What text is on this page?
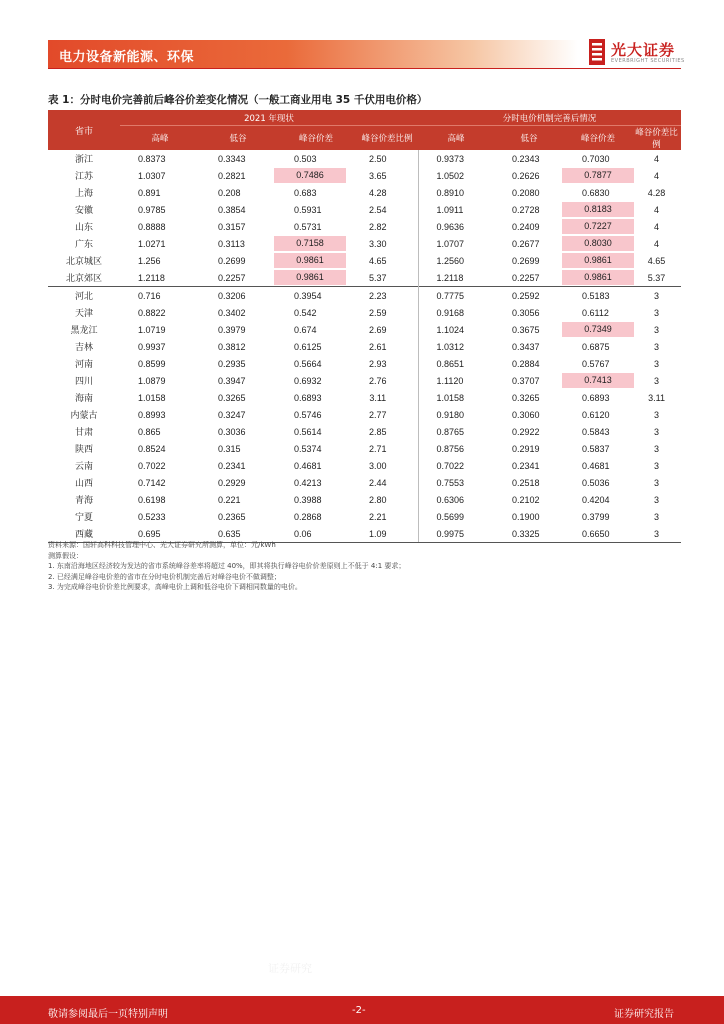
电力设备新能源、环保	光大证券
EVERBRIGHT SECURITIES
表 1：分时电价完善前后峰谷价差变化情况（一般工商业用电 35 千伏用电价格）
省市	2021 年现状				分时电价机制完善后情况			
	高峰	低谷	峰谷价差	峰谷价差比例	高峰	低谷	峰谷价差	峰谷价差比例
浙江	0.8373	0.3343	0.503	2.50	0.9373	0.2343	0.7030	4
江苏	1.0307	0.2821	0.7486	3.65	1.0502	0.2626	0.7877	4
上海	0.891	0.208	0.683	4.28	0.8910	0.2080	0.6830	4.28
安徽	0.9785	0.3854	0.5931	2.54	1.0911	0.2728	0.8183	4
山东	0.8888	0.3157	0.5731	2.82	0.9636	0.2409	0.7227	4
广东	1.0271	0.3113	0.7158	3.30	1.0707	0.2677	0.8030	4
北京城区	1.256	0.2699	0.9861	4.65	1.2560	0.2699	0.9861	4.65
北京郊区	1.2118	0.2257	0.9861	5.37	1.2118	0.2257	0.9861	5.37
河北	0.716	0.3206	0.3954	2.23	0.7775	0.2592	0.5183	3
天津	0.8822	0.3402	0.542	2.59	0.9168	0.3056	0.6112	3
黑龙江	1.0719	0.3979	0.674	2.69	1.1024	0.3675	0.7349	3
吉林	0.9937	0.3812	0.6125	2.61	1.0312	0.3437	0.6875	3
河南	0.8599	0.2935	0.5664	2.93	0.8651	0.2884	0.5767	3
四川	1.0879	0.3947	0.6932	2.76	1.1120	0.3707	0.7413	3
海南	1.0158	0.3265	0.6893	3.11	1.0158	0.3265	0.6893	3.11
内蒙古	0.8993	0.3247	0.5746	2.77	0.9180	0.3060	0.6120	3
甘肃	0.865	0.3036	0.5614	2.85	0.8765	0.2922	0.5843	3
陕西	0.8524	0.315	0.5374	2.71	0.8756	0.2919	0.5837	3
云南	0.7022	0.2341	0.4681	3.00	0.7022	0.2341	0.4681	3
山西	0.7142	0.2929	0.4213	2.44	0.7553	0.2518	0.5036	3
青海	0.6198	0.221	0.3988	2.80	0.6306	0.2102	0.4204	3
宁夏	0.5233	0.2365	0.2868	2.21	0.5699	0.1900	0.3799	3
西藏	0.695	0.635	0.06	1.09	0.9975	0.3325	0.6650	3
资料来源：国轩高科科技管理中心、光大证券研究所测算，单位：元/kWh
测算假设：
1. 东南沿海地区经济较为发达的省市系统峰谷差率将超过 40%，即其将执行峰谷电价价差原则上不低于 4:1 要求；
2. 已经满足峰谷电价差的省市在分时电价机制完善后对峰谷电价不做调整；
3. 为完成峰谷电价价差比例要求，高峰电价上调和低谷电价下调相同数量的电价。
证券研究
敬请参阅最后一页特别声明	-2-	证券研究报告
